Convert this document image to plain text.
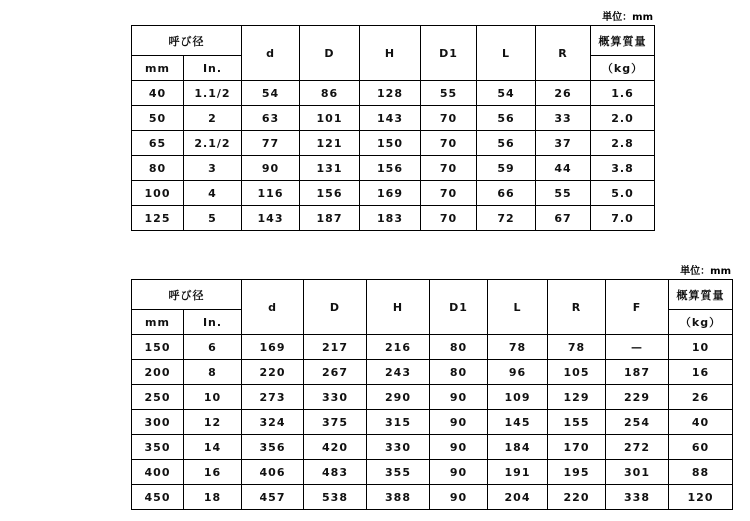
単位：mm
呼び径		d	D	H	D1	L	R	概算質量
mm	In.							（kg）
40	1.1/2	54	86	128	55	54	26	1.6
50	2	63	101	143	70	56	33	2.0
65	2.1/2	77	121	150	70	56	37	2.8
80	3	90	131	156	70	59	44	3.8
100	4	116	156	169	70	66	55	5.0
125	5	143	187	183	70	72	67	7.0
単位：mm
呼び径		d	D	H	D1	L	R	F	概算質量
mm	In.								（kg）
150	6	169	217	216	80	78	78	—	10
200	8	220	267	243	80	96	105	187	16
250	10	273	330	290	90	109	129	229	26
300	12	324	375	315	90	145	155	254	40
350	14	356	420	330	90	184	170	272	60
400	16	406	483	355	90	191	195	301	88
450	18	457	538	388	90	204	220	338	120
